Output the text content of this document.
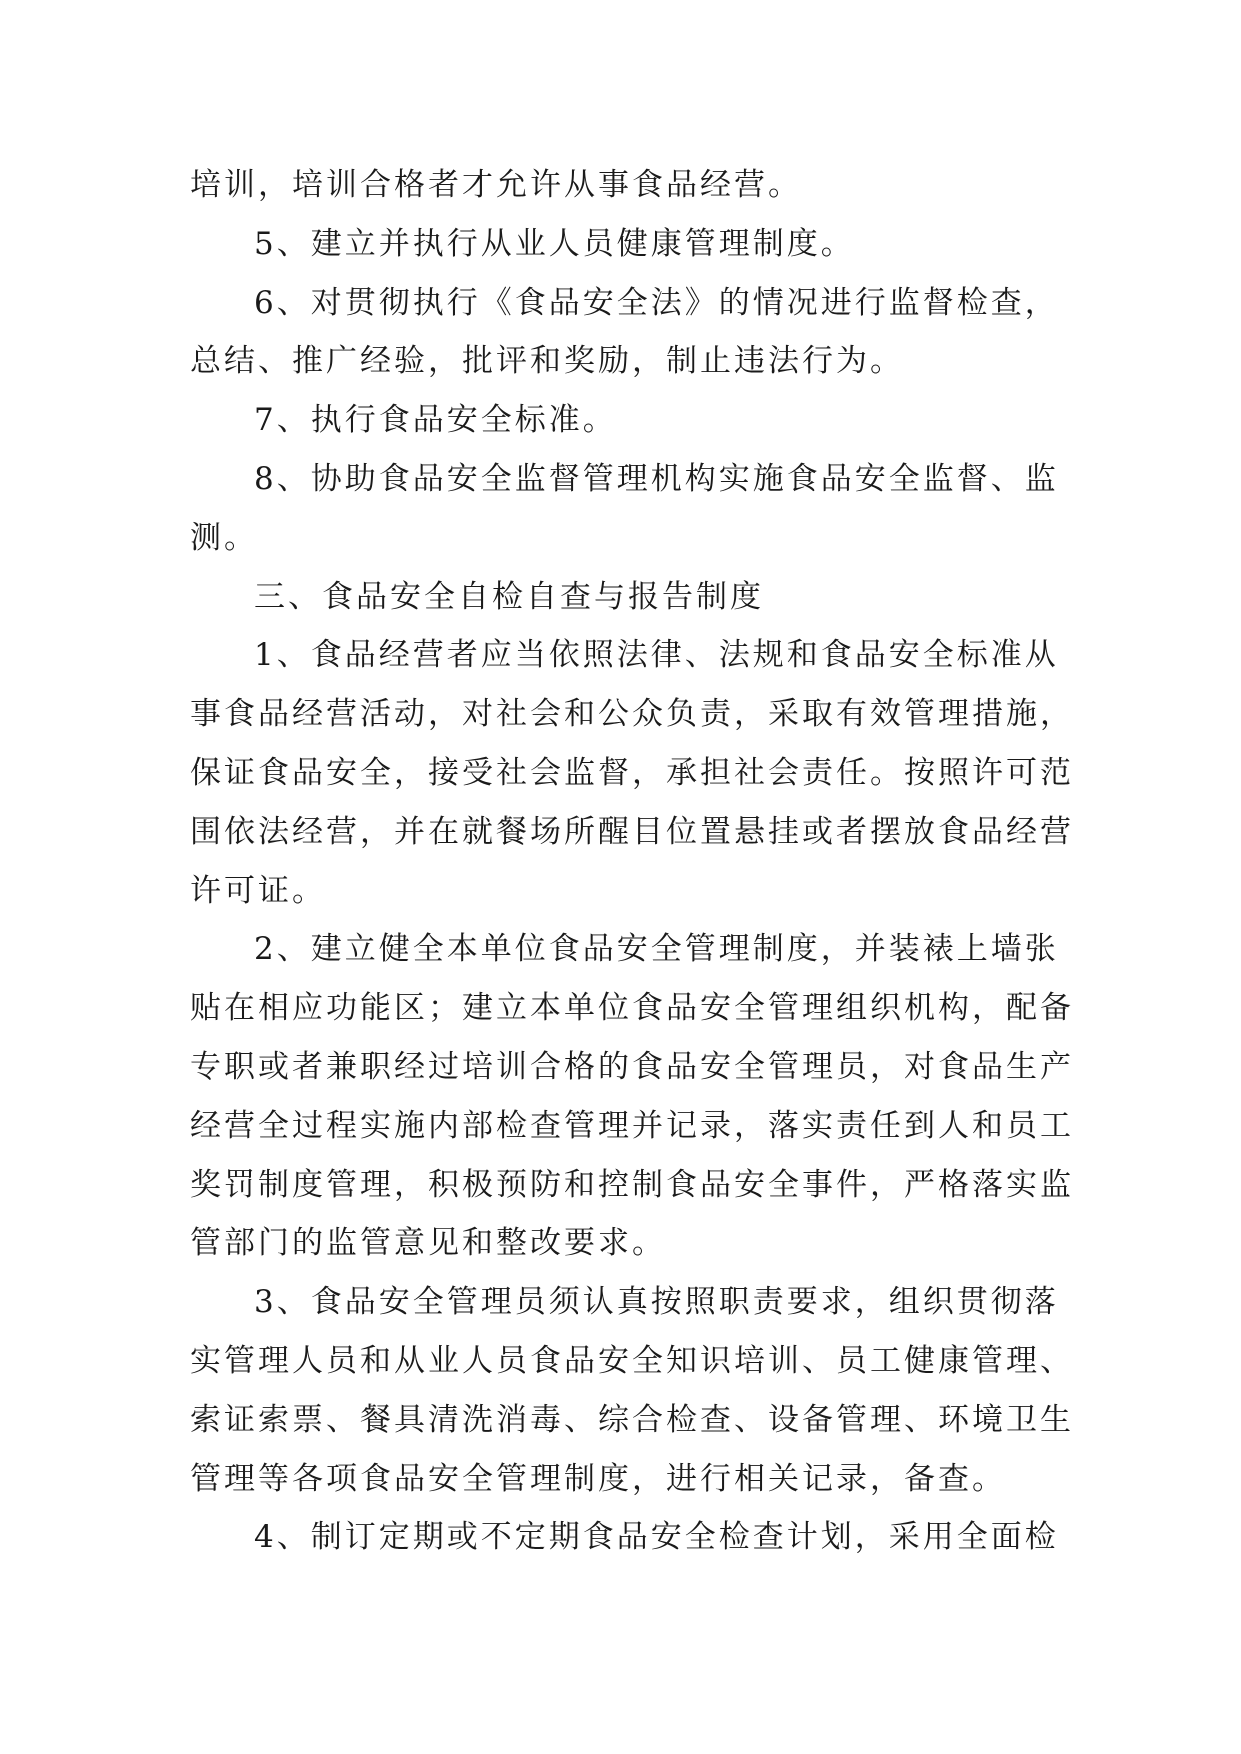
培训，培训合格者才允许从事食品经营。
5、建立并执行从业人员健康管理制度。
6、对贯彻执行《食品安全法》的情况进行监督检查，
总结、推广经验，批评和奖励，制止违法行为。
7、执行食品安全标准。
8、协助食品安全监督管理机构实施食品安全监督、监
测。
三、食品安全自检自查与报告制度
1、食品经营者应当依照法律、法规和食品安全标准从
事食品经营活动，对社会和公众负责，采取有效管理措施，
保证食品安全，接受社会监督，承担社会责任。按照许可范
围依法经营，并在就餐场所醒目位置悬挂或者摆放食品经营
许可证。
2、建立健全本单位食品安全管理制度，并装裱上墙张
贴在相应功能区；建立本单位食品安全管理组织机构，配备
专职或者兼职经过培训合格的食品安全管理员，对食品生产
经营全过程实施内部检查管理并记录，落实责任到人和员工
奖罚制度管理，积极预防和控制食品安全事件，严格落实监
管部门的监管意见和整改要求。
3、食品安全管理员须认真按照职责要求，组织贯彻落
实管理人员和从业人员食品安全知识培训、员工健康管理、
索证索票、餐具清洗消毒、综合检查、设备管理、环境卫生
管理等各项食品安全管理制度，进行相关记录，备查。
4、制订定期或不定期食品安全检查计划，采用全面检
